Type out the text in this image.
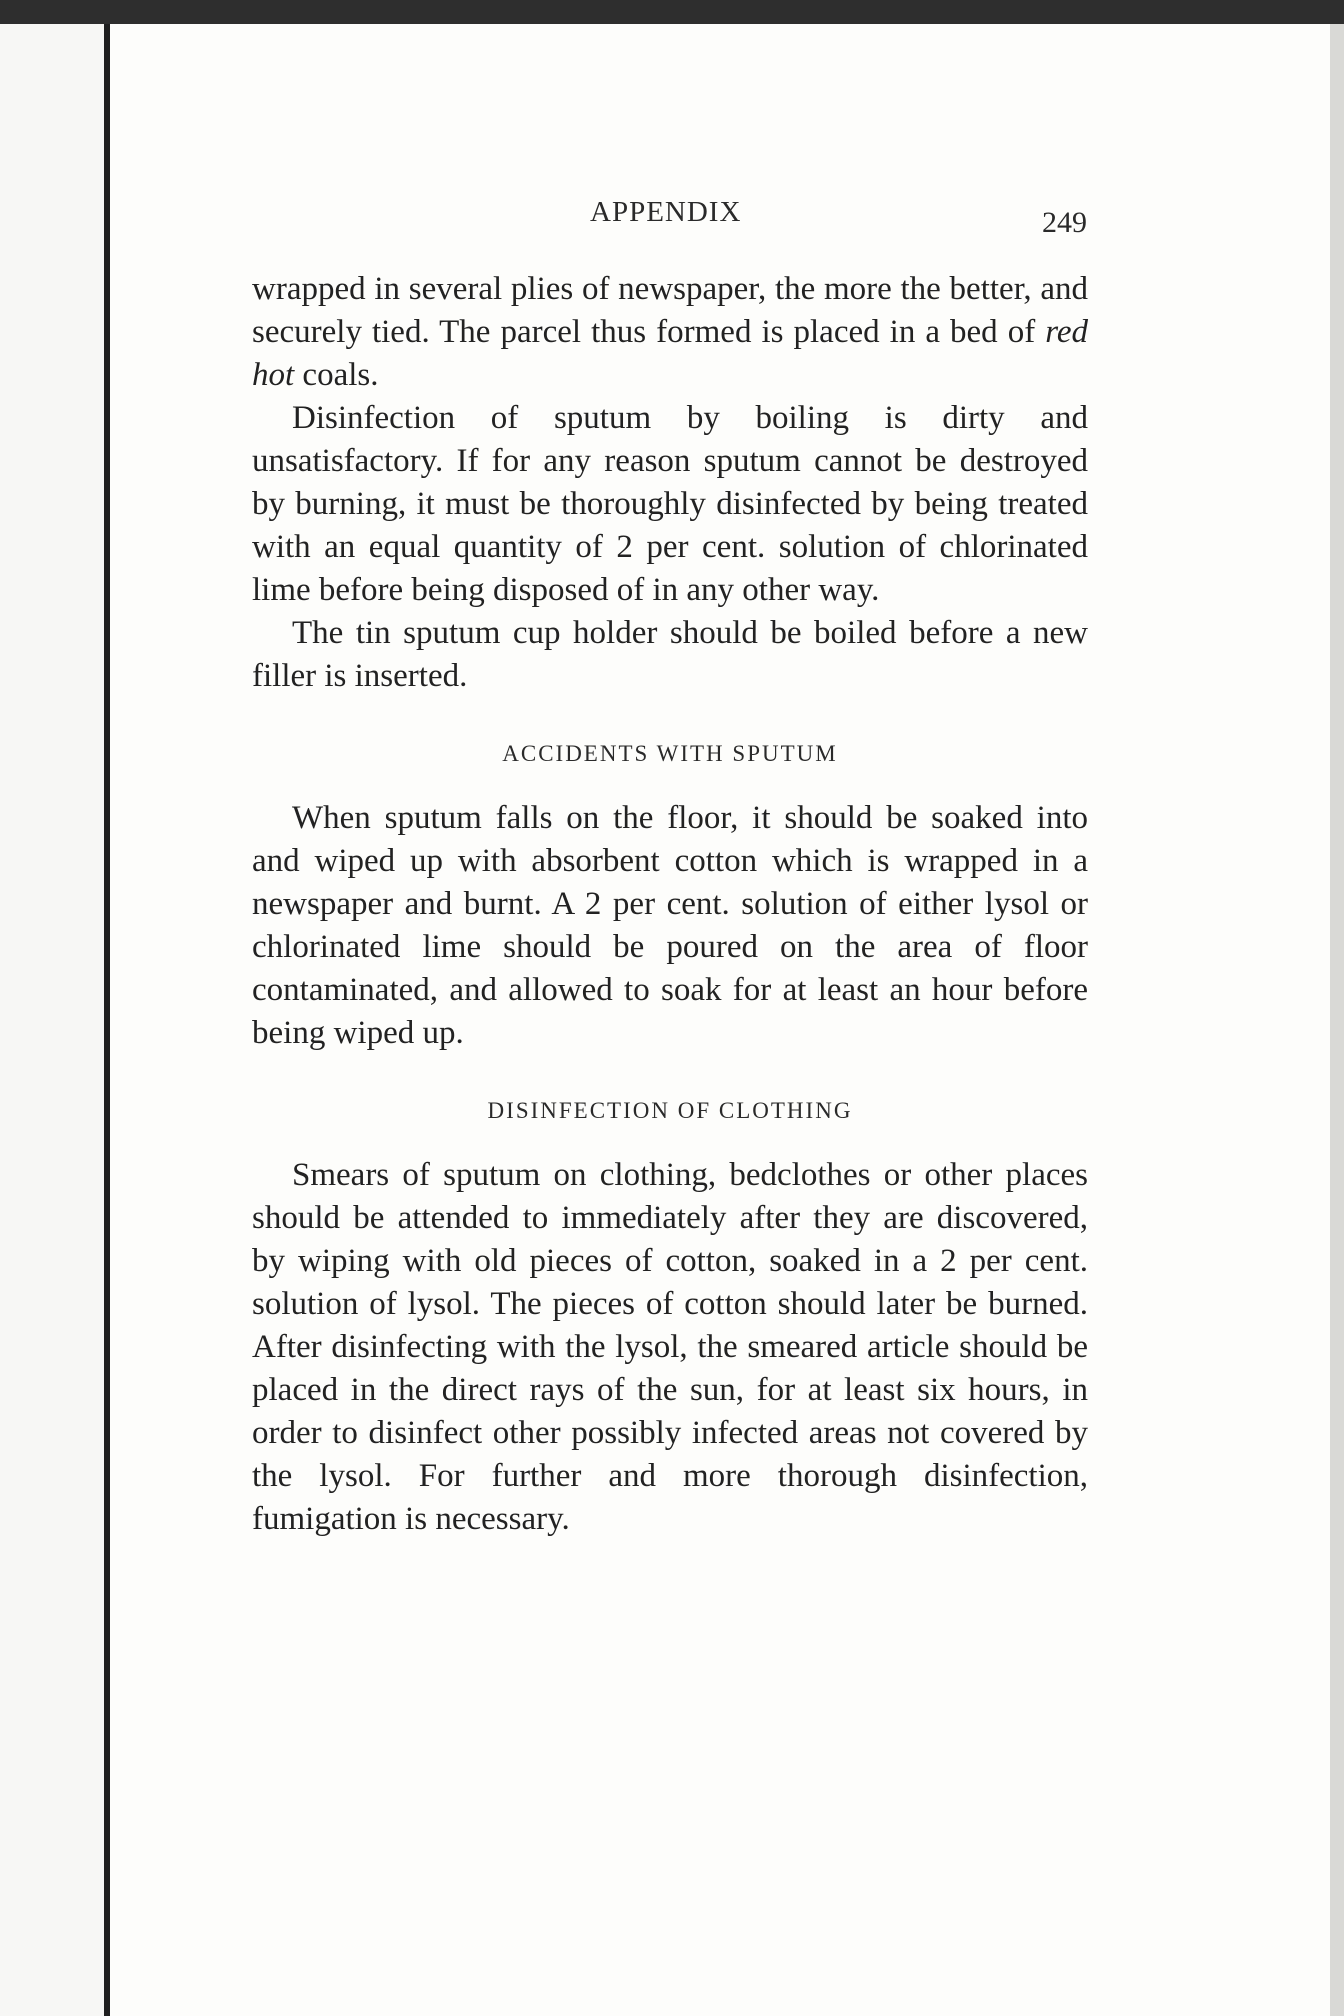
APPENDIX	249

wrapped in several plies of newspaper, the more the better, and securely tied. The parcel thus formed is placed in a bed of red hot coals.

Disinfection of sputum by boiling is dirty and unsatisfactory. If for any reason sputum cannot be destroyed by burning, it must be thoroughly disinfected by being treated with an equal quantity of 2 per cent. solution of chlorinated lime before being disposed of in any other way.

The tin sputum cup holder should be boiled before a new filler is inserted.

ACCIDENTS WITH SPUTUM

When sputum falls on the floor, it should be soaked into and wiped up with absorbent cotton which is wrapped in a newspaper and burnt. A 2 per cent. solution of either lysol or chlorinated lime should be poured on the area of floor contaminated, and allowed to soak for at least an hour before being wiped up.

DISINFECTION OF CLOTHING

Smears of sputum on clothing, bedclothes or other places should be attended to immediately after they are discovered, by wiping with old pieces of cotton, soaked in a 2 per cent. solution of lysol. The pieces of cotton should later be burned. After disinfecting with the lysol, the smeared article should be placed in the direct rays of the sun, for at least six hours, in order to disinfect other possibly infected areas not covered by the lysol. For further and more thorough disinfection, fumigation is necessary.
